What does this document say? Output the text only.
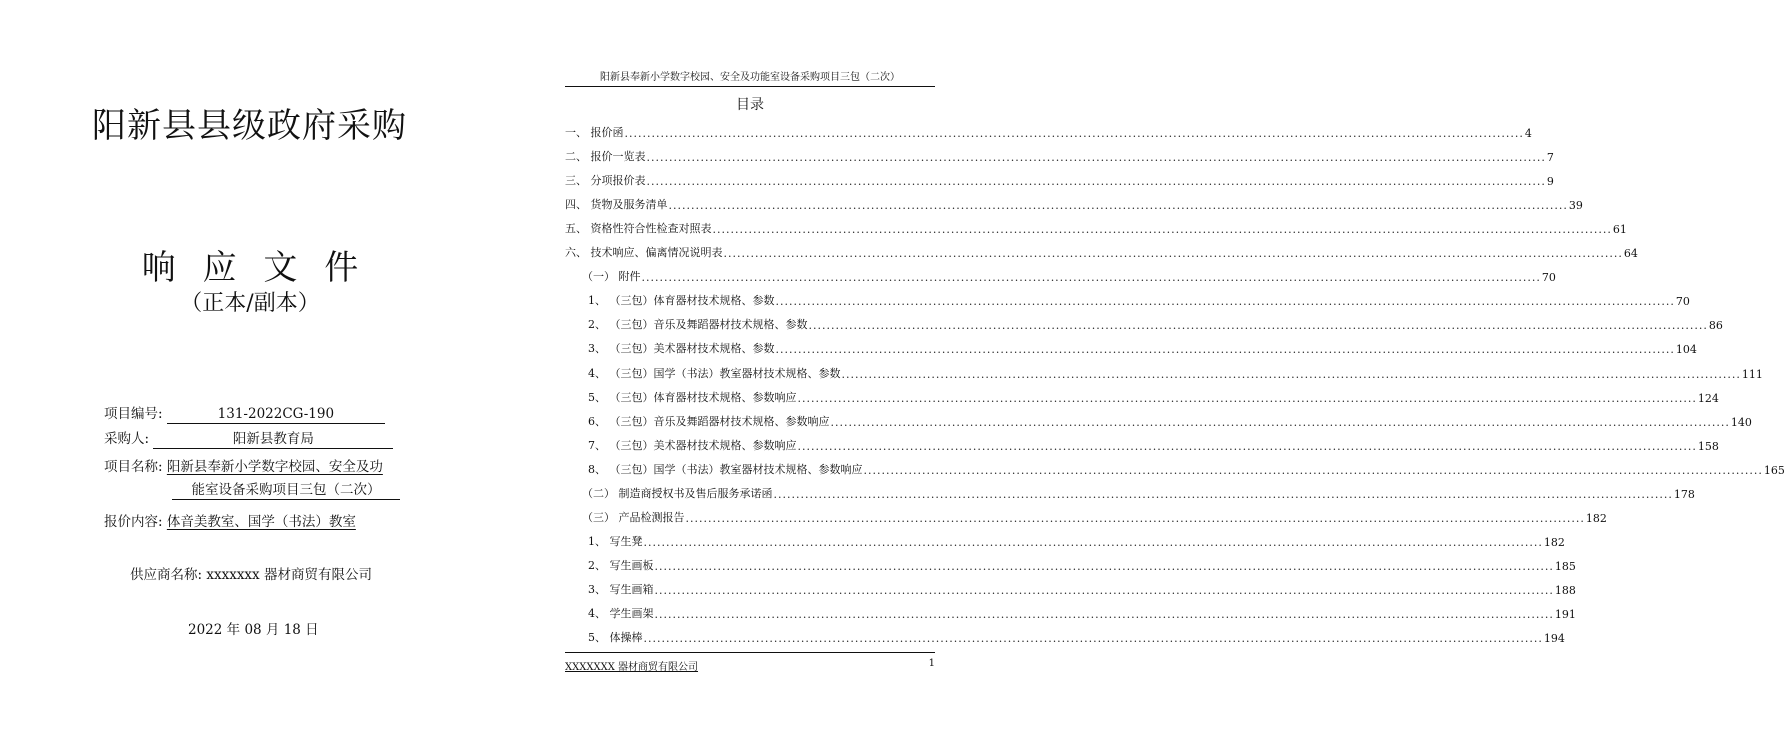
阳新县县级政府采购
响 应 文 件
（正本/副本）
项目编号:	131-2022CG-190
采购人:	阳新县教育局
项目名称: 阳新县奉新小学数字校园、安全及功
能室设备采购项目三包（二次）
报价内容: 体音美教室、国学（书法）教室
供应商名称: xxxxxxx 器材商贸有限公司
2022 年 08 月 18 日
阳新县奉新小学数字校园、安全及功能室设备采购项目三包（二次）
目录
一、 报价函 ........................................................................................................................................................................................................ 4
二、 报价一览表 ........................................................................................................................................................................................................ 7
三、 分项报价表 ........................................................................................................................................................................................................ 9
四、 货物及服务清单 ........................................................................................................................................................................................................ 39
五、 资格性符合性检查对照表 ........................................................................................................................................................................................................ 61
六、 技术响应、偏离情况说明表 ........................................................................................................................................................................................................ 64
（一） 附件 ........................................................................................................................................................................................................ 70
1、 （三包）体育器材技术规格、参数 ........................................................................................................................................................................................................ 70
2、 （三包）音乐及舞蹈器材技术规格、参数 ........................................................................................................................................................................................................ 86
3、 （三包）美术器材技术规格、参数 ........................................................................................................................................................................................................ 104
4、 （三包）国学（书法）教室器材技术规格、参数 ........................................................................................................................................................................................................ 111
5、 （三包）体育器材技术规格、参数响应 ........................................................................................................................................................................................................ 124
6、 （三包）音乐及舞蹈器材技术规格、参数响应 ........................................................................................................................................................................................................ 140
7、 （三包）美术器材技术规格、参数响应 ........................................................................................................................................................................................................ 158
8、 （三包）国学（书法）教室器材技术规格、参数响应 ........................................................................................................................................................................................................ 165
（二） 制造商授权书及售后服务承诺函 ........................................................................................................................................................................................................ 178
（三） 产品检测报告 ........................................................................................................................................................................................................ 182
1、 写生凳 ........................................................................................................................................................................................................ 182
2、 写生画板 ........................................................................................................................................................................................................ 185
3、 写生画箱 ........................................................................................................................................................................................................ 188
4、 学生画架 ........................................................................................................................................................................................................ 191
5、 体操棒 ........................................................................................................................................................................................................ 194
XXXXXXX 器材商贸有限公司	1
